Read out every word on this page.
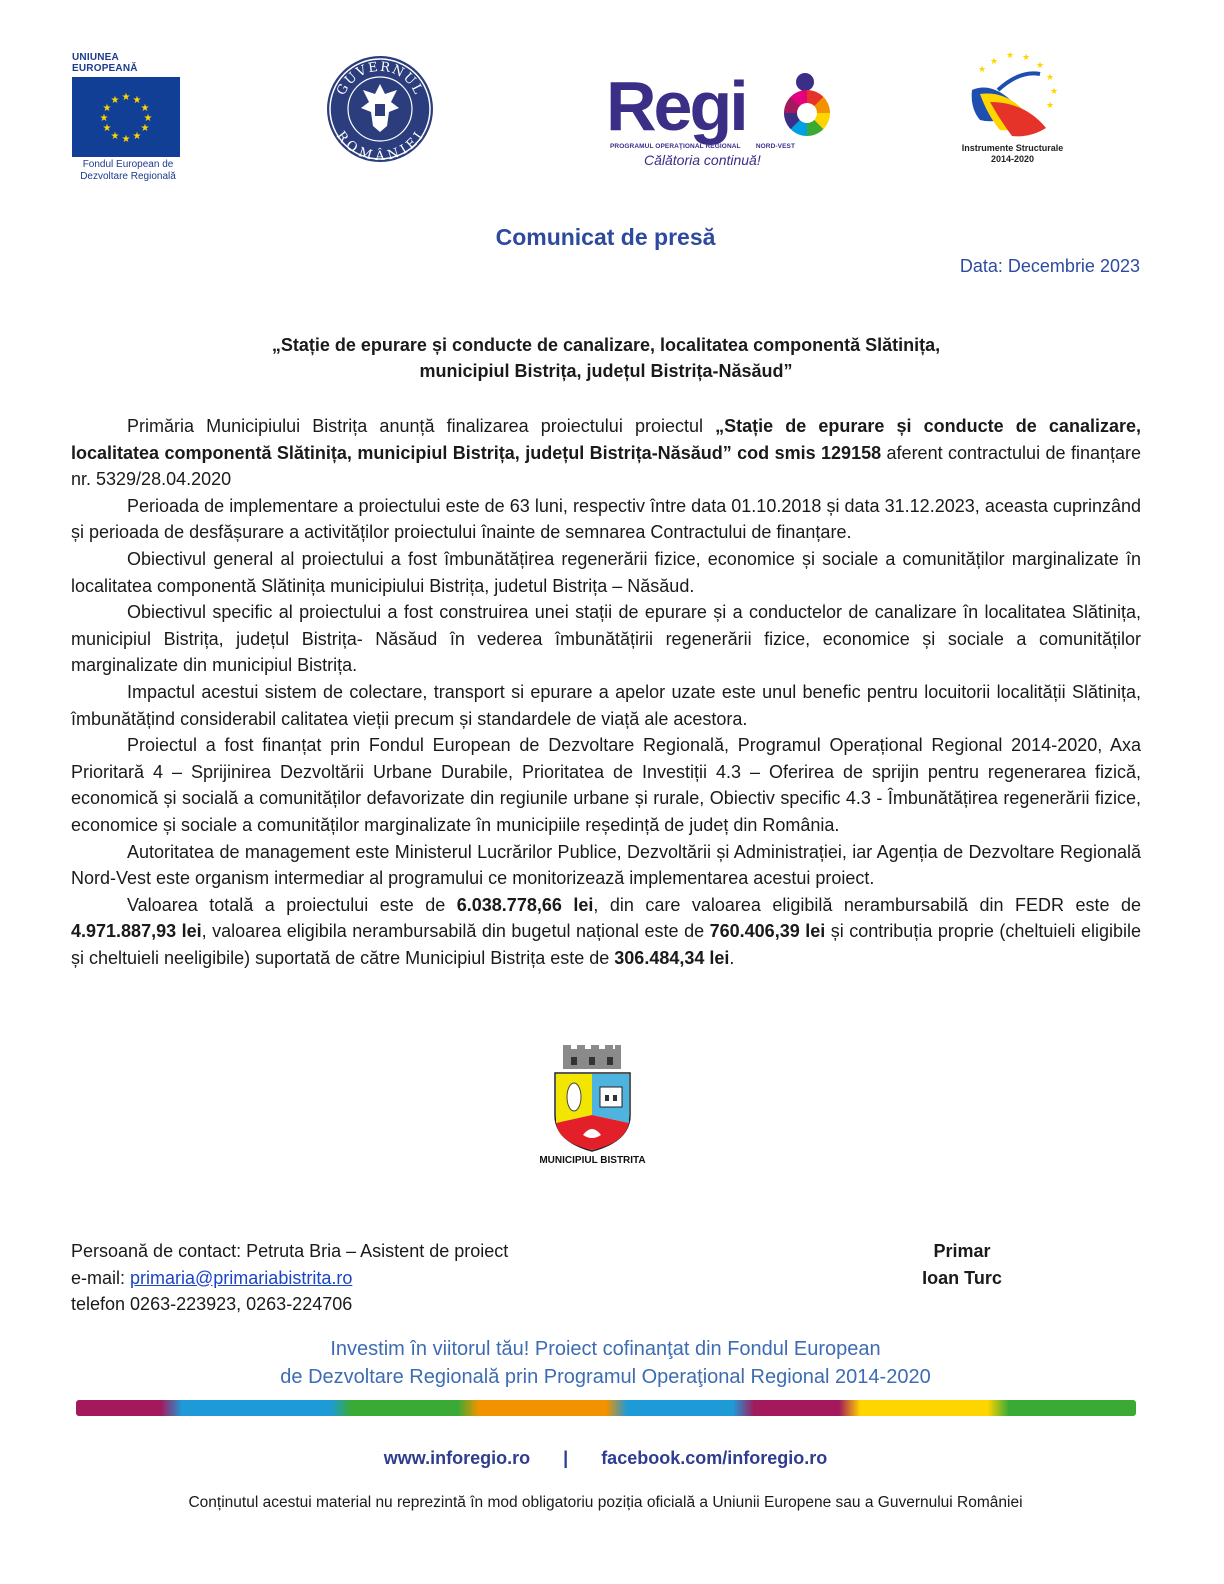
UNIUNEA EUROPEANĂ
★ ★
★
★
★
★
★
★
★
★
★
★
Fondul European de
Dezvoltare Regională
GUVERNUL
ROMÂNIEI	Regi
PROGRAMUL OPERAŢIONAL REGIONAL NORD-VEST
Călătoria continuă!
★
★ ★
★
★
★
★
★
Instrumente Structurale
2014-2020
Comunicat de presă
Data: Decembrie 2023
„Stație de epurare și conducte de canalizare, localitatea componentă Slătinița,
municipiul Bistrița, județul Bistrița-Năsăud”

Primăria Municipiului Bistrița anunță finalizarea proiectului proiectul „Stație de epurare și conducte de canalizare, localitatea componentă Slătinița, municipiul Bistrița, județul Bistrița-Năsăud” cod smis 129158 aferent contractului de finanțare nr. 5329/28.04.2020

Perioada de implementare a proiectului este de 63 luni, respectiv între data 01.10.2018 și data 31.12.2023, aceasta cuprinzând și perioada de desfășurare a activităților proiectului înainte de semnarea Contractului de finanțare.

Obiectivul general al proiectului a fost îmbunătățirea regenerării fizice, economice și sociale a comunităților marginalizate în localitatea componentă Slătinița municipiului Bistrița, judetul Bistrița – Năsăud.

Obiectivul specific al proiectului a fost construirea unei stații de epurare și a conductelor de canalizare în localitatea Slătinița, municipiul Bistrița, județul Bistrița- Năsăud în vederea îmbunătățirii regenerării fizice, economice și sociale a comunităților marginalizate din municipiul Bistrița.

Impactul acestui sistem de colectare, transport si epurare a apelor uzate este unul benefic pentru locuitorii localității Slătinița, îmbunătățind considerabil calitatea vieții precum și standardele de viață ale acestora.

Proiectul a fost finanțat prin Fondul European de Dezvoltare Regională, Programul Operațional Regional 2014-2020, Axa Prioritară 4 – Sprijinirea Dezvoltării Urbane Durabile, Prioritatea de Investiții 4.3 – Oferirea de sprijin pentru regenerarea fizică, economică și socială a comunităților defavorizate din regiunile urbane și rurale, Obiectiv specific 4.3 - Îmbunătățirea regenerării fizice, economice și sociale a comunităților marginalizate în municipiile reședință de județ din România.

Autoritatea de management este Ministerul Lucrărilor Publice, Dezvoltării și Administrației, iar Agenția de Dezvoltare Regională Nord-Vest este organism intermediar al programului ce monitorizează implementarea acestui proiect.

Valoarea totală a proiectului este de 6.038.778,66 lei, din care valoarea eligibilă nerambursabilă din FEDR este de 4.971.887,93 lei, valoarea eligibila nerambursabilă din bugetul național este de 760.406,39 lei și contribuția proprie (cheltuieli eligibile și cheltuieli neeligibile) suportată de către Municipiul Bistrița este de 306.484,34 lei.

MUNICIPIUL BISTRITA
Persoană de contact: Petruta Bria – Asistent de proiect
e-mail: primaria@primariabistrita.ro
telefon 0263-223923, 0263-224706
Primar
Ioan Turc
Investim în viitorul tău! Proiect cofinanţat din Fondul European
de Dezvoltare Regională prin Programul Operaţional Regional 2014-2020
www.inforegio.ro | facebook.com/inforegio.ro
Conținutul acestui material nu reprezintă în mod obligatoriu poziția oficială a Uniunii Europene sau a Guvernului României
